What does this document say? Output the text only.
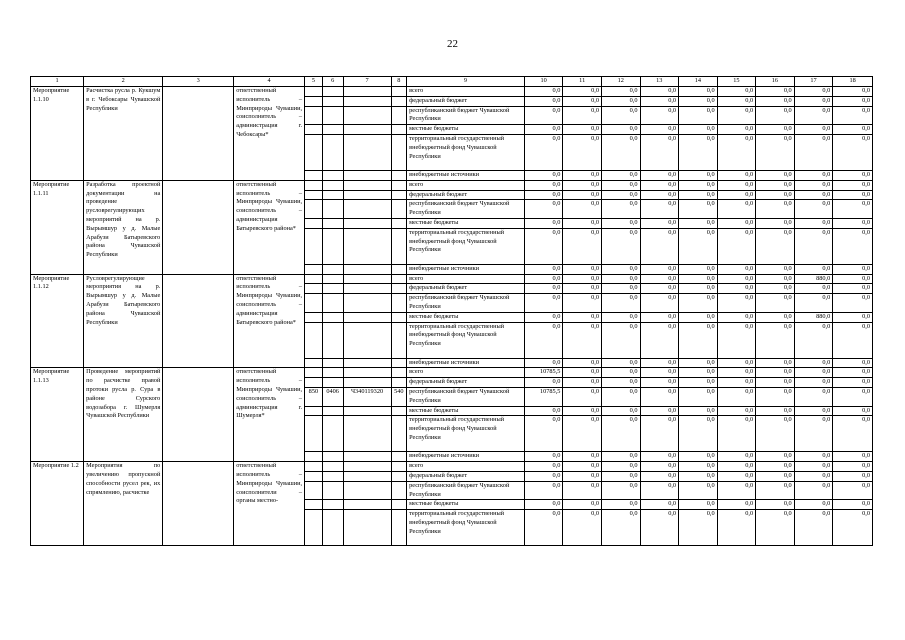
22
1	2	3	4	5	6	7	8	9	10	11	12	13	14	15	16	17	18
Мероприятие 1.1.10	Расчистка русла р. Кукшум в г. Чебоксары Чувашской Республики		ответственный исполнитель – Минприроды Чувашии, соисполнитель – администрация г. Чебоксары*					всего	0,0	0,0	0,0	0,0	0,0	0,0	0,0	0,0	0,0
								федеральный бюджет	0,0	0,0	0,0	0,0	0,0	0,0	0,0	0,0	0,0
								республиканский бюджет Чувашской Республики	0,0	0,0	0,0	0,0	0,0	0,0	0,0	0,0	0,0
								местные бюджеты	0,0	0,0	0,0	0,0	0,0	0,0	0,0	0,0	0,0
								территориальный государственный внебюджетный фонд Чувашской Республики	0,0	0,0	0,0	0,0	0,0	0,0	0,0	0,0	0,0
								внебюджетные источники	0,0	0,0	0,0	0,0	0,0	0,0	0,0	0,0	0,0
Мероприятие 1.1.11	Разработка проектной документации на проведение русловрегулирующих мероприятий на р. Вырымшур у д. Малые Арабузи Батыревского района Чувашской Республики		ответственный исполнитель – Минприроды Чувашии, соисполнитель – администрация Батыревского района*					всего	0,0	0,0	0,0	0,0	0,0	0,0	0,0	0,0	0,0
								федеральный бюджет	0,0	0,0	0,0	0,0	0,0	0,0	0,0	0,0	0,0
								республиканский бюджет Чувашской Республики	0,0	0,0	0,0	0,0	0,0	0,0	0,0	0,0	0,0
								местные бюджеты	0,0	0,0	0,0	0,0	0,0	0,0	0,0	0,0	0,0
								территориальный государственный внебюджетный фонд Чувашской Республики	0,0	0,0	0,0	0,0	0,0	0,0	0,0	0,0	0,0
								внебюджетные источники	0,0	0,0	0,0	0,0	0,0	0,0	0,0	0,0	0,0
Мероприятие 1.1.12	Русловрегулирующие мероприятия на р. Вырымшур у д. Малые Арабузи Батыревского района Чувашской Республики		ответственный исполнитель – Минприроды Чувашии, соисполнитель – администрация Батыревского района*					всего	0,0	0,0	0,0	0,0	0,0	0,0	0,0	880,0	0,0
								федеральный бюджет	0,0	0,0	0,0	0,0	0,0	0,0	0,0	0,0	0,0
								республиканский бюджет Чувашской Республики	0,0	0,0	0,0	0,0	0,0	0,0	0,0	0,0	0,0
								местные бюджеты	0,0	0,0	0,0	0,0	0,0	0,0	0,0	880,0	0,0
								территориальный государственный внебюджетный фонд Чувашской Республики	0,0	0,0	0,0	0,0	0,0	0,0	0,0	0,0	0,0
								внебюджетные источники	0,0	0,0	0,0	0,0	0,0	0,0	0,0	0,0	0,0
Мероприятие 1.1.13	Проведение мероприятий по расчистке правой протоки русла р. Сура в районе Сурского водозабора г. Шумерля Чувашской Республики		ответственный исполнитель – Минприроды Чувашии, соисполнитель – администрация г. Шумерля*					всего	10785,5	0,0	0,0	0,0	0,0	0,0	0,0	0,0	0,0
								федеральный бюджет	0,0	0,0	0,0	0,0	0,0	0,0	0,0	0,0	0,0
				850	0406	Ч340119320	540	республиканский бюджет Чувашской Республики	10785,5	0,0	0,0	0,0	0,0	0,0	0,0	0,0	0,0
								местные бюджеты	0,0	0,0	0,0	0,0	0,0	0,0	0,0	0,0	0,0
								территориальный государственный внебюджетный фонд Чувашской Республики	0,0	0,0	0,0	0,0	0,0	0,0	0,0	0,0	0,0
								внебюджетные источники	0,0	0,0	0,0	0,0	0,0	0,0	0,0	0,0	0,0
Мероприятие 1.2	Мероприятия по увеличению пропускной способности русел рек, их спрямлению, расчистке		ответственный исполнитель – Минприроды Чувашии, соисполнители – органы местно-					всего	0,0	0,0	0,0	0,0	0,0	0,0	0,0	0,0	0,0
								федеральный бюджет	0,0	0,0	0,0	0,0	0,0	0,0	0,0	0,0	0,0
								республиканский бюджет Чувашской Республики	0,0	0,0	0,0	0,0	0,0	0,0	0,0	0,0	0,0
								местные бюджеты	0,0	0,0	0,0	0,0	0,0	0,0	0,0	0,0	0,0
								территориальный государственный внебюджетный фонд Чувашской Республики	0,0	0,0	0,0	0,0	0,0	0,0	0,0	0,0	0,0
